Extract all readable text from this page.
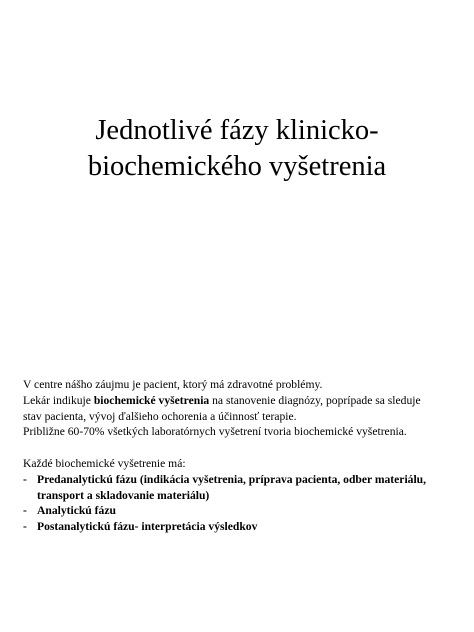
Jednotlivé fázy klinicko-
biochemického vyšetrenia
V centre nášho záujmu je pacient, ktorý má zdravotné problémy.
Lekár indikuje biochemické vyšetrenia na stanovenie diagnózy, poprípade sa sleduje
stav pacienta, vývoj ďalšieho ochorenia a účinnosť terapie.
Približne 60-70% všetkých laboratórnych vyšetrení tvoria biochemické vyšetrenia.
Každé biochemické vyšetrenie má:
- Predanalytickú fázu (indikácia vyšetrenia, príprava pacienta, odber materiálu,
transport a skladovanie materiálu)
- Analytickú fázu
- Postanalytickú fázu- interpretácia výsledkov
